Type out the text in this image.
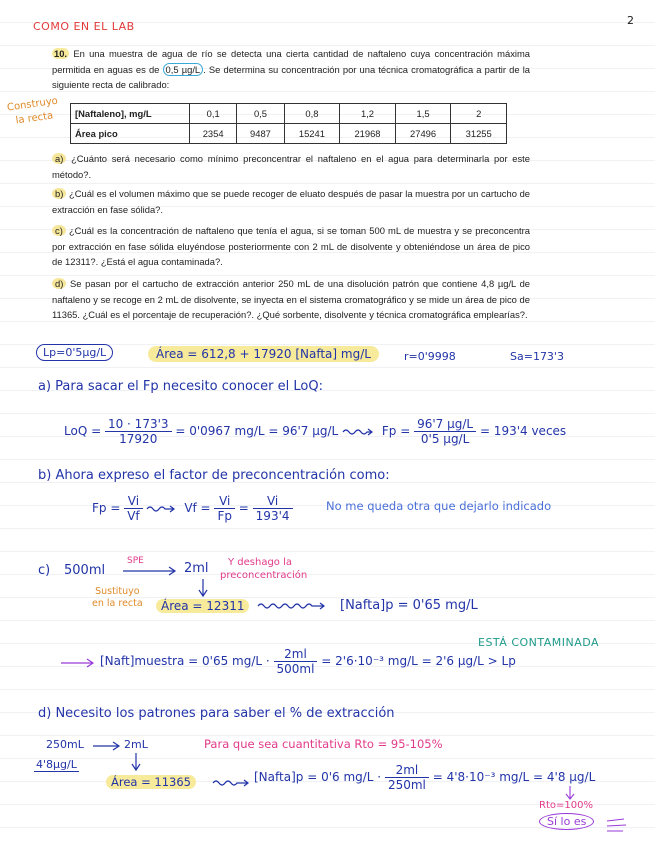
COMO EN EL LAB	2
Construyo
la recta
10. En una muestra de agua de río se detecta una cierta cantidad de naftaleno cuya concentración máxima permitida en aguas es de 0,5 µg/L . Se determina su concentración por una técnica cromatográfica a partir de la siguiente recta de calibrado:
[Naftaleno], mg/L	0,1	0,5	0,8	1,2	1,5	2
Área pico	2354	9487	15241	21968	27496	31255
a) ¿Cuánto será necesario como mínimo preconcentrar el naftaleno en el agua para determinarla por este método?.
b) ¿Cuál es el volumen máximo que se puede recoger de eluato después de pasar la muestra por un cartucho de extracción en fase sólida?.
c) ¿Cuál es la concentración de naftaleno que tenía el agua, si se toman 500 mL de muestra y se preconcentra por extracción en fase sólida eluyéndose posteriormente con 2 mL de disolvente y obteniéndose un área de pico de 12311?. ¿Está el agua contaminada?.
d) Se pasan por el cartucho de extracción anterior 250 mL de una disolución patrón que contiene 4,8 µg/L de naftaleno y se recoge en 2 mL de disolvente, se inyecta en el sistema cromatográfico y se mide un área de pico de 11365. ¿Cuál es el porcentaje de recuperación?. ¿Qué sorbente, disolvente y técnica cromatográfica emplearías?.
Lp=0'5µg/L	Área = 612,8 + 17920 [Nafta] mg/L	r=0'9998	Sa=173'3
a) Para sacar el Fp necesito conocer el LoQ:
LoQ = $\frac{10 \cdot 173'3}{17920} = 0'0967$ mg/L = 96'7 µg/L	$Fp = \frac{\text{96'7 µg/L}}{\text{0'5 µg/L}} = 193'4$ veces
b) Ahora expreso el factor de preconcentración como:
$Fp = \frac{Vi}{Vf}$	$Vf = \frac{Vi}{Fp} = \frac{Vi}{193'4}$	No me queda otra que dejarlo indicado
c) 500ml
SPE	2ml Y deshago la
preconcentración
Sustituyo
en la recta	Área = 12311	[Nafta]p = 0'65 mg/L
ESTÁ CONTAMINADA
[Naft]muestra = 0'65 $mg/L \cdot \frac{2ml}{500ml} = 2'6\cdot 10^{-3}$ mg/L = 2'6 µg/L > Lp
d) Necesito los patrones para saber el % de extracción
250mL	2mL	Para que sea cuantitativa Rto = 95-105%
4'8µg/L
Área = 11365	[Nafta]p = 0'6 $mg/L \cdot \frac{2ml}{250ml} = 4'8\cdot 10^{-3}$ mg/L = 4'8 µg/L
Rto=100%
Sí lo es
